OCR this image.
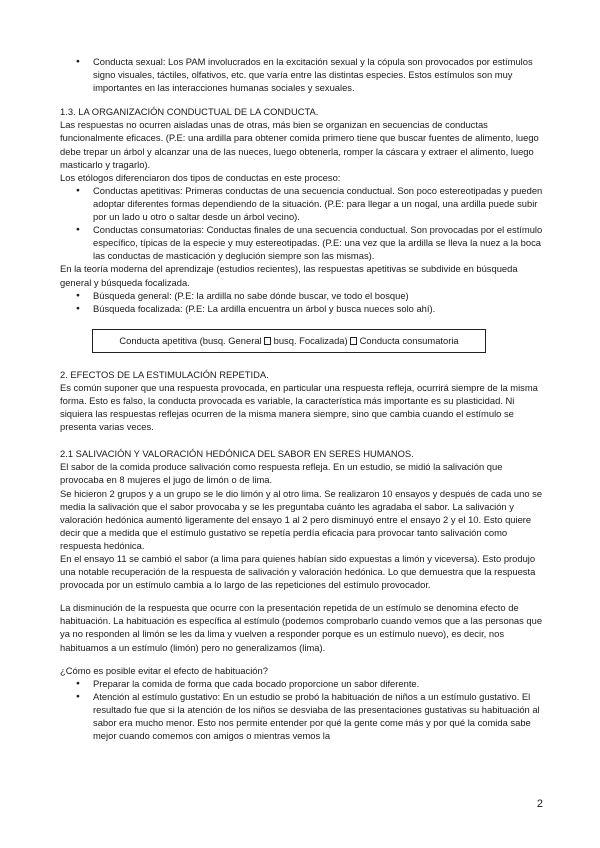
● Conducta sexual: Los PAM involucrados en la excitación sexual y la cópula son provocados por estímulos signo visuales, táctiles, olfativos, etc. que varía entre las distintas especies. Estos estímulos son muy importantes en las interacciones humanas sociales y sexuales.

1.3. LA ORGANIZACIÓN CONDUCTUAL DE LA CONDUCTA.

Las respuestas no ocurren aisladas unas de otras, más bien se organizan en secuencias de conductas funcionalmente eficaces. (P.E: una ardilla para obtener comida primero tiene que buscar fuentes de alimento, luego debe trepar un árbol y alcanzar una de las nueces, luego obtenerla, romper la cáscara y extraer el alimento, luego masticarlo y tragarlo).

Los etólogos diferenciaron dos tipos de conductas en este proceso:

● Conductas apetitivas: Primeras conductas de una secuencia conductual. Son poco estereotipadas y pueden adoptar diferentes formas dependiendo de la situación. (P.E: para llegar a un nogal, una ardilla puede subir por un lado u otro o saltar desde un árbol vecino).
● Conductas consumatorias: Conductas finales de una secuencia conductual. Son provocadas por el estímulo específico, típicas de la especie y muy estereotipadas. (P.E: una vez que la ardilla se lleva la nuez a la boca las conductas de masticación y deglución siempre son las mismas).

En la teoría moderna del aprendizaje (estudios recientes), las respuestas apetitivas se subdivide en búsqueda general y búsqueda focalizada.

● Búsqueda general: (P.E: la ardilla no sabe dónde buscar, ve todo el bosque)
● Búsqueda focalizada: (P.E: La ardilla encuentra un árbol y busca nueces solo ahí).
Conducta apetitiva (busq. General busq. Focalizada) Conducta consumatoria

2. EFECTOS DE LA ESTIMULACIÓN REPETIDA.

Es común suponer que una respuesta provocada, en particular una respuesta refleja, ocurrirá siempre de la misma forma. Esto es falso, la conducta provocada es variable, la característica más importante es su plasticidad. Ni siquiera las respuestas reflejas ocurren de la misma manera siempre, sino que cambia cuando el estímulo se presenta varias veces.

2.1 SALIVACIÓN Y VALORACIÓN HEDÓNICA DEL SABOR EN SERES HUMANOS.

El sabor de la comida produce salivación como respuesta refleja. En un estudio, se midió la salivación que provocaba en 8 mujeres el jugo de limón o de lima.

Se hicieron 2 grupos y a un grupo se le dio limón y al otro lima. Se realizaron 10 ensayos y después de cada uno se media la salivación que el sabor provocaba y se les preguntaba cuánto les agradaba el sabor. La salivación y valoración hedónica aumentó ligeramente del ensayo 1 al 2 pero disminuyó entre el ensayo 2 y el 10. Esto quiere decir que a medida que el estímulo gustativo se repetía perdía eficacia para provocar tanto salivación como respuesta hedónica.

En el ensayo 11 se cambió el sabor (a lima para quienes habían sido expuestas a limón y viceversa). Esto produjo una notable recuperación de la respuesta de salivación y valoración hedónica. Lo que demuestra que la respuesta provocada por un estímulo cambia a lo largo de las repeticiones del estímulo provocador.

La disminución de la respuesta que ocurre con la presentación repetida de un estímulo se denomina efecto de habituación. La habituación es específica al estímulo (podemos comprobarlo cuando vemos que a las personas que ya no responden al limón se les da lima y vuelven a responder porque es un estímulo nuevo), es decir, nos habituamos a un estímulo (limón) pero no generalizamos (lima).

¿Cómo es posible evitar el efecto de habituación?

● Preparar la comida de forma que cada bocado proporcione un sabor diferente.
● Atención al estímulo gustativo: En un estudio se probó la habituación de niños a un estímulo gustativo. El resultado fue que si la atención de los niños se desviaba de las presentaciones gustativas su habituación al sabor era mucho menor. Esto nos permite entender por qué la gente come más y por qué la comida sabe mejor cuando comemos con amigos o mientras vemos la
2
